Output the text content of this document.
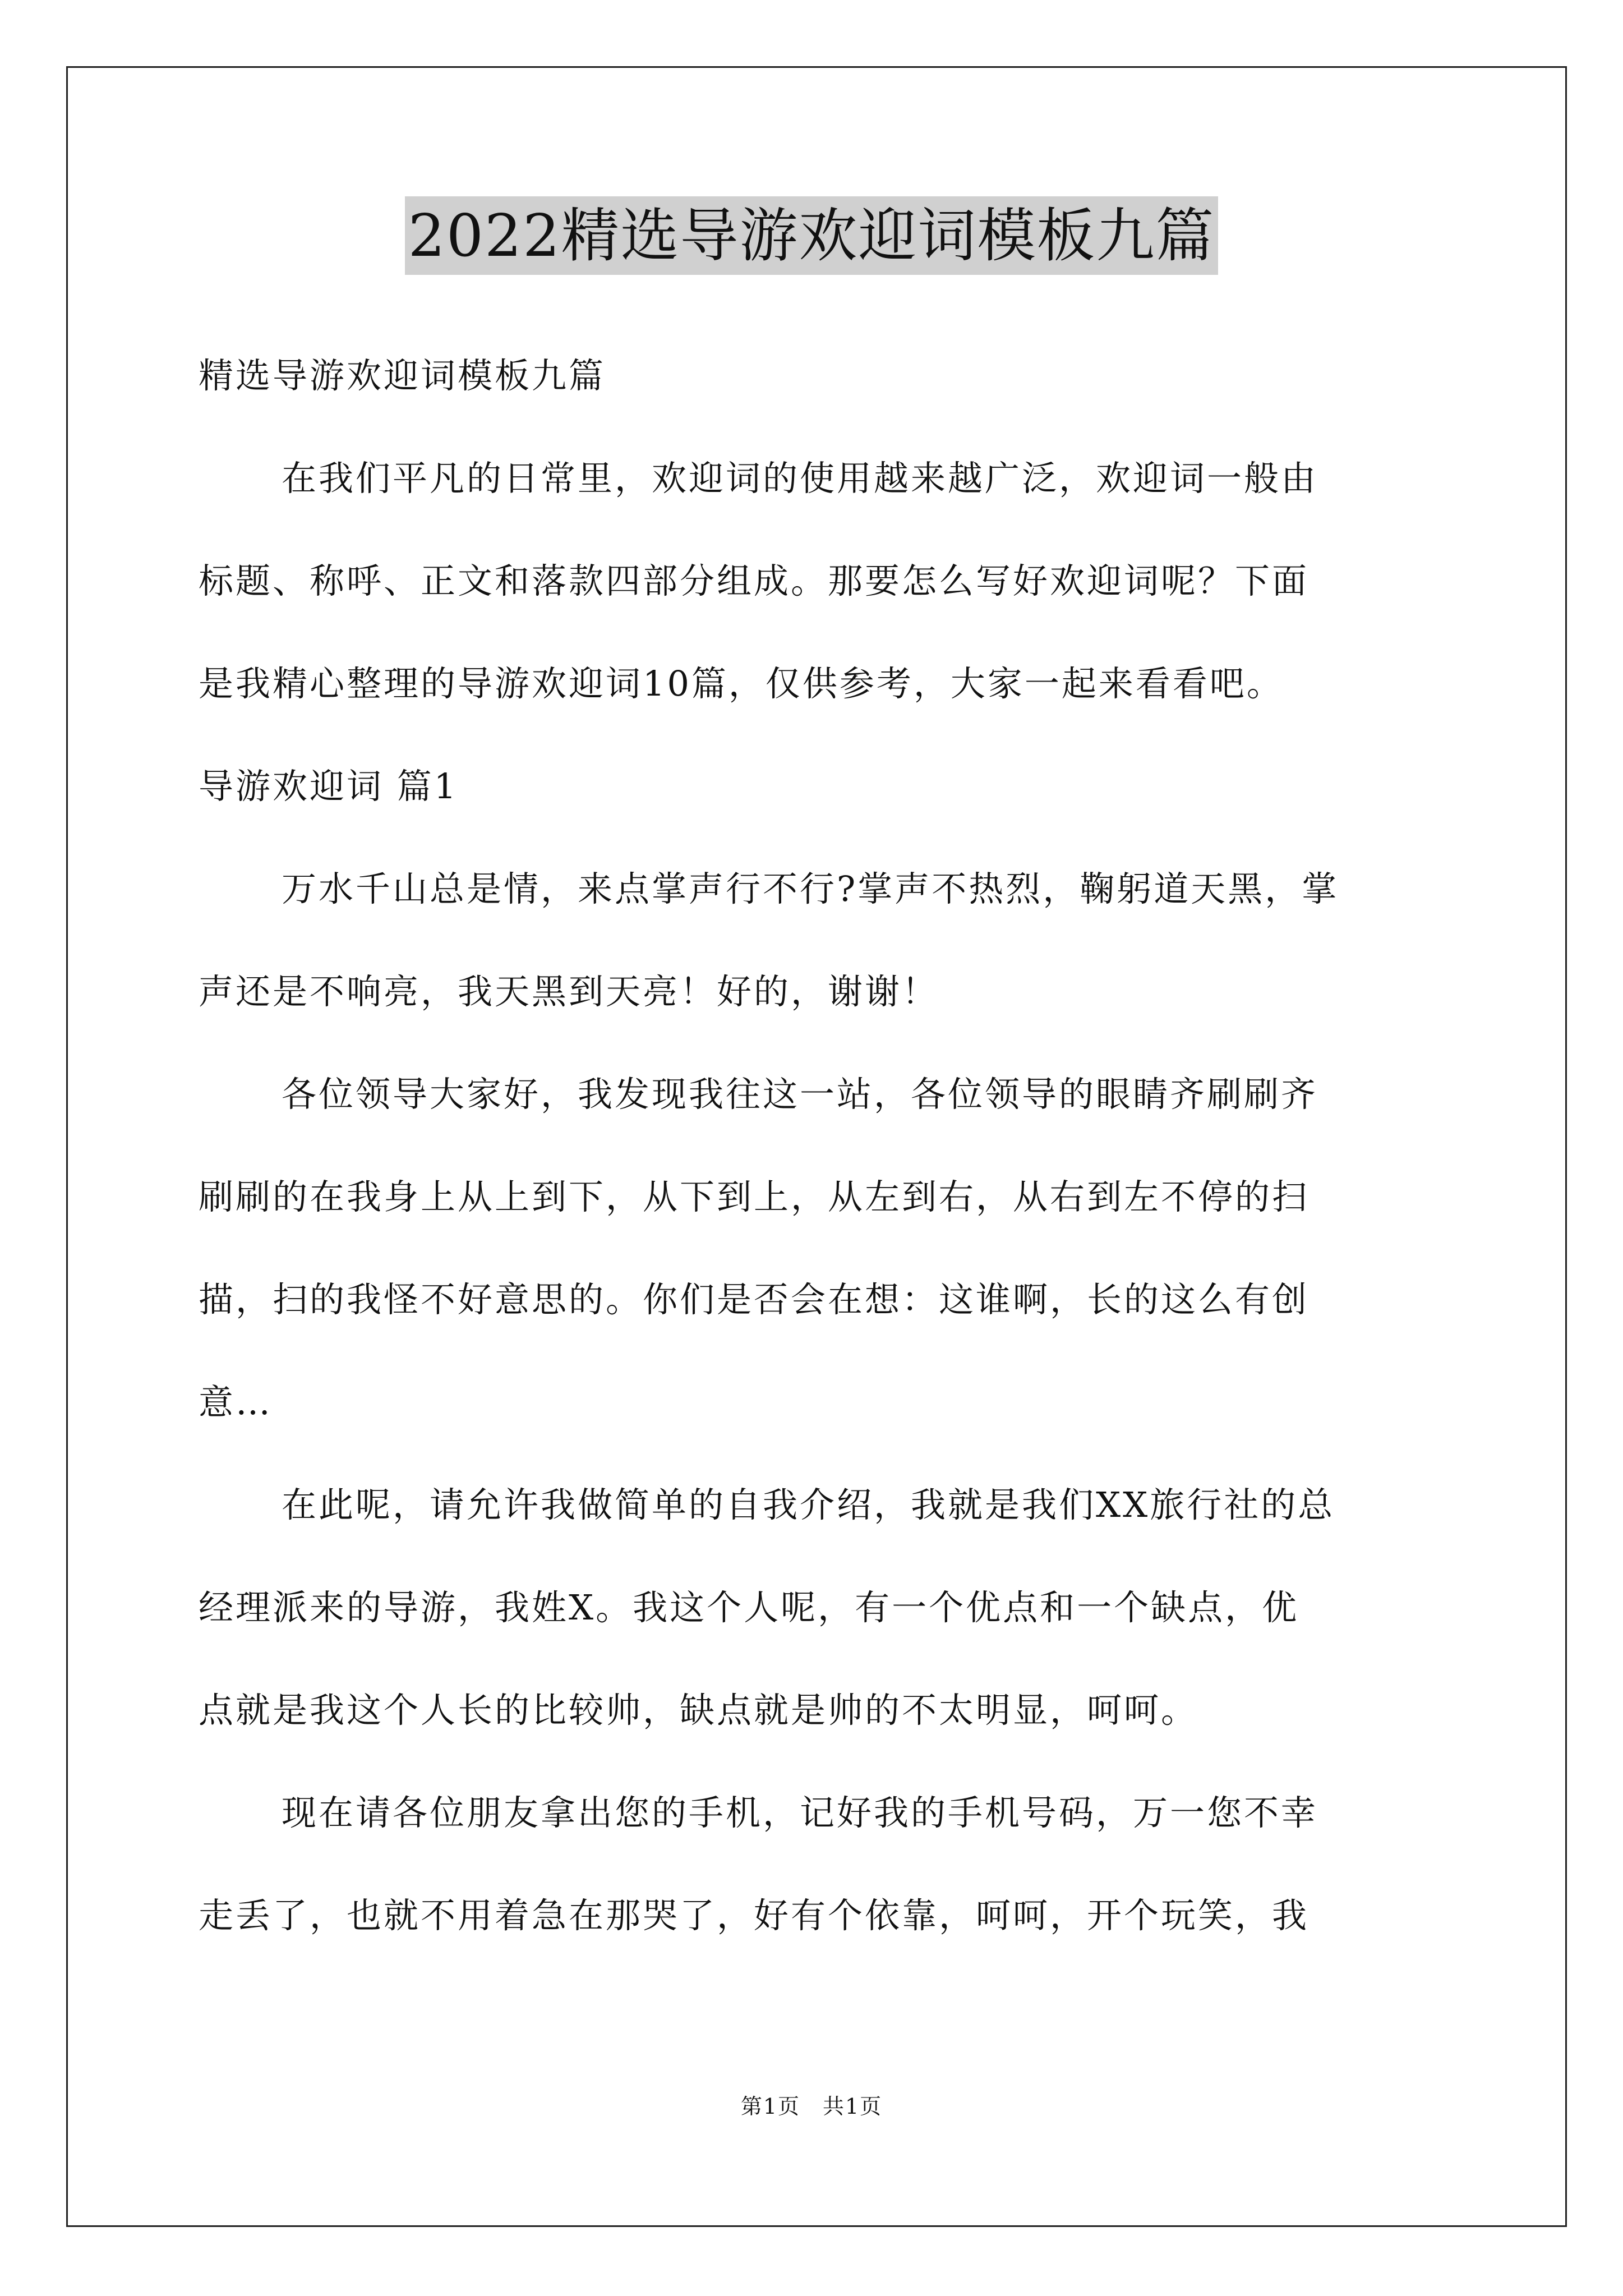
2022精选导游欢迎词模板九篇
精选导游欢迎词模板九篇
在我们平凡的日常里，欢迎词的使用越来越广泛，欢迎词一般由
标题、称呼、正文和落款四部分组成。那要怎么写好欢迎词呢？下面
是我精心整理的导游欢迎词10篇，仅供参考，大家一起来看看吧。
导游欢迎词 篇1
万水千山总是情，来点掌声行不行?掌声不热烈，鞠躬道天黑，掌
声还是不响亮，我天黑到天亮！好的，谢谢！
各位领导大家好，我发现我往这一站，各位领导的眼睛齐刷刷齐
刷刷的在我身上从上到下，从下到上，从左到右，从右到左不停的扫
描，扫的我怪不好意思的。你们是否会在想：这谁啊，长的这么有创
意…
在此呢，请允许我做简单的自我介绍，我就是我们XX旅行社的总
经理派来的导游，我姓X。我这个人呢，有一个优点和一个缺点，优
点就是我这个人长的比较帅，缺点就是帅的不太明显，呵呵。
现在请各位朋友拿出您的手机，记好我的手机号码，万一您不幸
走丢了，也就不用着急在那哭了，好有个依靠，呵呵，开个玩笑，我
第1页　共1页
